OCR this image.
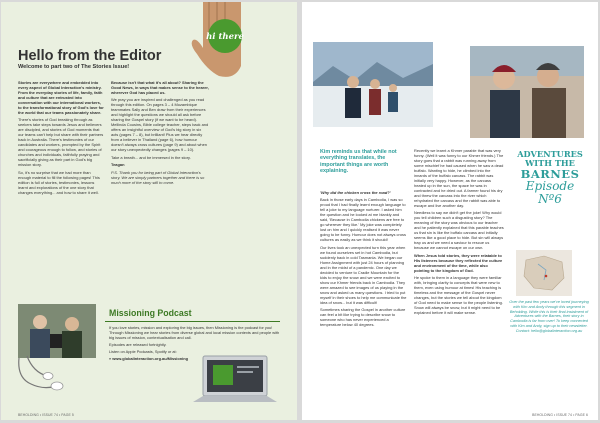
hi there
Hello from the Editor
Welcome to part two of The Stories Issue!

Stories are everywhere and embedded into every aspect of Global Interaction's ministry. From the everyday stories of life, family, faith and culture that are entrusted into conversation with our international workers, to the transformational story of God's love for the world that our teams passionately share.

There's stories of God breaking through as seekers take steps towards Jesus and believers are discipled, and stories of God moments that our teams can't help but share with their partners back in Australia. There's testimonies of our candidates and workers, prompted by the Spirit and courageous enough to follow, and stories of churches and individuals, faithfully praying and sacrificially giving as their part in God's big mission story.

So, it's no surprise that we had more than enough material to fill the following pages! This edition is full of stories, testimonies, lessons learnt and explorations of the one story that changes everything... and how to share it well.

Because isn't that what it's all about? Sharing the Good News, in ways that makes sense to the hearer, wherever God has placed us.

We pray you are inspired and challenged as you read through this edition. On pages 3 – 4 Mozambique teammates Sally and Ben draw from their experiences and highlight the questions we should all ask before sharing the Gospel story (if we want to be heard). Mellinda Cousins, Bible college teacher, steps back and offers an insightful overview of God's big story in six acts (pages 7 – 8), but brilliant! Plus we hear directly from a believer in Thailand (page 6), how humour doesn't always cross cultures (page 9) and about when our story unexpectedly changes (pages 9 – 10).

Take a breath... and be immersed in the story.

Teagan

P.S. Thank you for being part of Global Interaction's story. We are simply partners together and there is so much more of the story still to come.

Missioning Podcast

If you love stories, mission and exploring the big issues, then Missioning is the podcast for you! Through Missioning we hear stories from diverse global and local mission contexts and people with big issues of mission, contextualisation and call.

Episodes are released fortnightly.

Listen on Apple Podcasts, Spotify or at:

» www.globalinteraction.org.au/Missioning

BEHOLDING • ISSUE 74 • PAGE 5
Kim reminds us that while not everything translates, the important things are worth explaining.

'Why did the chicken cross the road?'

Back in those early days in Cambodia, I was so proud that I had finally learnt enough language to tell a joke to my language nurturer. I asked him the question and he looked at me blankly and said, 'Because in Cambodia chickens are free to go wherever they like.' My joke was completely lost on him and I quickly realised it was never going to be funny. Humour does not always cross cultures as easily as we think it should!

Our lives took an unexpected turn this year when we found ourselves set in hot Cambodia, but suddenly back in cold Tasmania. We began our Home Assignment with just 24 hours of planning and in the midst of a pandemic. One day we decided to venture to Cradle Mountain for the kids to enjoy the snow and we were excited to show our Khmer friends back in Cambodia. They were amazed to see images of us playing in the snow and asked us many questions. I tried to put myself in their shoes to help me communicate the idea of snow... but it was difficult!

Sometimes sharing the Gospel in another culture can feel a bit like trying to describe snow to someone who has never experienced a temperature below 40 degrees.

Recently we learnt a Khmer parable that was very funny. (Well it was funny to our Khmer friends.) The story goes that a rabbit was running away from some mischief he had caused when he saw a dead buffalo. Wanting to hide, he climbed into the innards of the buffalo carcass. The rabbit was initially very happy. However, as the carcass heated up in the sun, the space he was in contracted and he dried out. A farmer found his dry and threw the carcass into the river which rehydrated the carcass and the rabbit was able to escape and live another day.

Needless to say we didn't get the joke! Why would you tell children such a disgusting story? The meaning of the story was obvious to our teacher and he patiently explained that this parable teaches us that sin is like the buffalo carcass and initially seems like a good place to hide. But sin will always trap us and we need a saviour to rescue us because we cannot escape on our own.

When Jesus told stories, they were relatable to His listeners because they reflected the culture and environment of the time, while also pointing to the kingdom of God.

He spoke to them in a language they were familiar with, bringing clarity to concepts that were new to them, even using humour at times! His teaching is timeless and the message of the Gospel never changes, but the stories we tell about the kingdom of God need to make sense to the people listening. Snow will always be snow, but it might need to be explained before it will make sense.

ADVENTURES
WITH THE
BARNES
Episode
Nº6
Over the past few years we've loved journeying with Kim and Andy through this segment in Beholding. While this is their final instalment of Adventures with the Barnes, their story in Cambodia is far from over! To keep connected with Kim and Andy, sign up to their newsletter. Contact: hello@globalinteraction.org.au
BEHOLDING • ISSUE 74 • PAGE 6
